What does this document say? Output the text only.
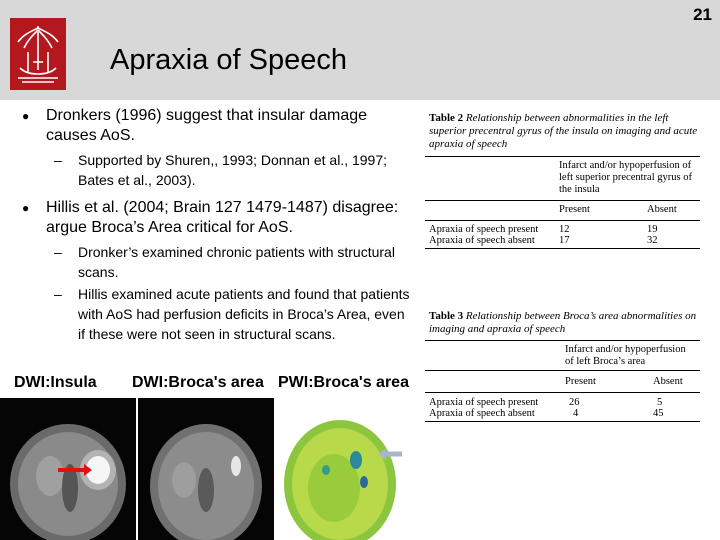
21
Apraxia of Speech
● Dronkers (1996) suggest that insular damage causes AoS.
– Supported by Shuren,, 1993; Donnan et al., 1997; Bates et al., 2003).
● Hillis et al. (2004; Brain 127 1479-1487) disagree: argue Broca’s Area critical for AoS.
– Dronker’s examined chronic patients with structural scans.
– Hillis examined acute patients and found that patients with AoS had perfusion deficits in Broca’s Area, even if these were not seen in structural scans.
Table 2 Relationship between abnormalities in the left superior precentral gyrus of the insula on imaging and acute apraxia of speech
Infarct and/or hypoperfusion of left superior precentral gyrus of the insula
Present	Absent
Apraxia of speech present 12	19
Apraxia of speech absent 17	32
Table 3 Relationship between Broca’s area abnormalities on imaging and apraxia of speech
Infarct and/or hypoperfusion of left Broca’s area
Present	Absent
Apraxia of speech present	26	5
Apraxia of speech absent	4	45
DWI:Insula DWI:Broca's area PWI:Broca's area
